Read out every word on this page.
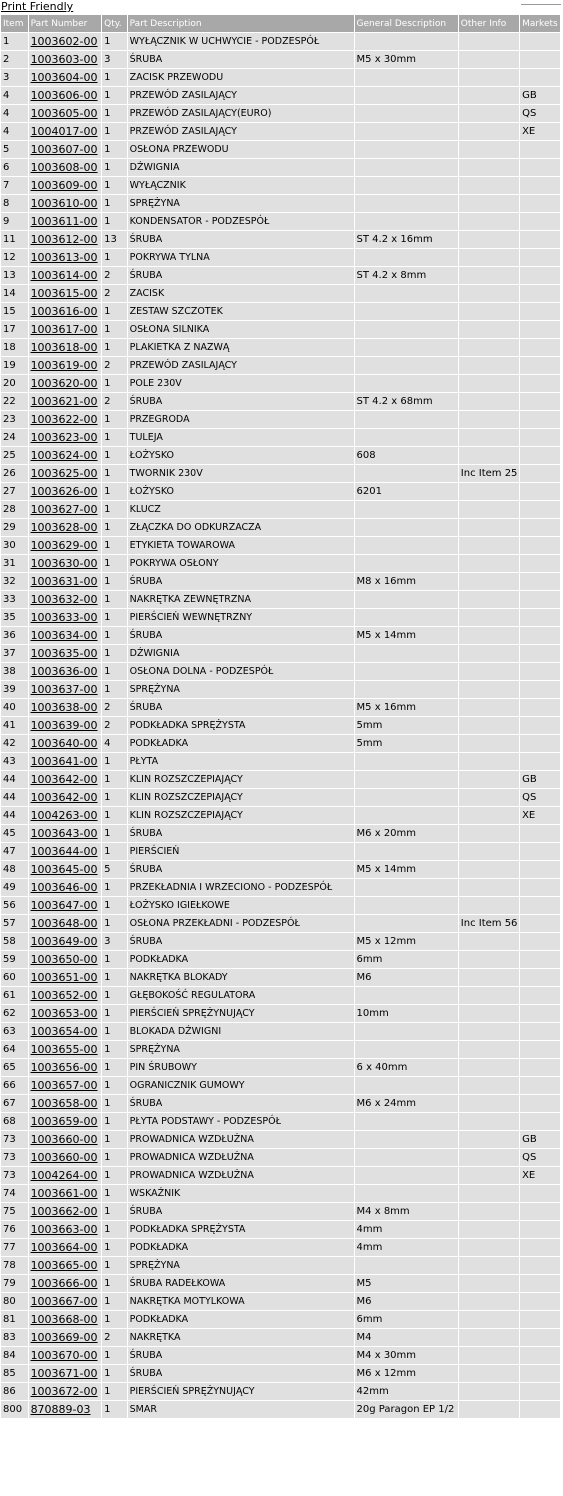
Print Friendly
Item	Part Number	Qty.	Part Description	General Description	Other Info	Markets
1	1003602-00	1	WYŁĄCZNIK W UCHWYCIE - PODZESPÓŁ			
2	1003603-00	3	ŚRUBA	M5 x 30mm		
3	1003604-00	1	ZACISK PRZEWODU			
4	1003606-00	1	PRZEWÓD ZASILAJĄCY			GB
4	1003605-00	1	PRZEWÓD ZASILAJĄCY(EURO)			QS
4	1004017-00	1	PRZEWÓD ZASILAJĄCY			XE
5	1003607-00	1	OSŁONA PRZEWODU			
6	1003608-00	1	DŹWIGNIA			
7	1003609-00	1	WYŁĄCZNIK			
8	1003610-00	1	SPRĘŻYNA			
9	1003611-00	1	KONDENSATOR - PODZESPÓŁ			
11	1003612-00	13	ŚRUBA	ST 4.2 x 16mm		
12	1003613-00	1	POKRYWA TYLNA			
13	1003614-00	2	ŚRUBA	ST 4.2 x 8mm		
14	1003615-00	2	ZACISK			
15	1003616-00	1	ZESTAW SZCZOTEK			
17	1003617-00	1	OSŁONA SILNIKA			
18	1003618-00	1	PLAKIETKA Z NAZWĄ			
19	1003619-00	2	PRZEWÓD ZASILAJĄCY			
20	1003620-00	1	POLE 230V			
22	1003621-00	2	ŚRUBA	ST 4.2 x 68mm		
23	1003622-00	1	PRZEGRODA			
24	1003623-00	1	TULEJA			
25	1003624-00	1	ŁOŻYSKO	608		
26	1003625-00	1	TWORNIK 230V		Inc Item 25	
27	1003626-00	1	ŁOŻYSKO	6201		
28	1003627-00	1	KLUCZ			
29	1003628-00	1	ZŁĄCZKA DO ODKURZACZA			
30	1003629-00	1	ETYKIETA TOWAROWA			
31	1003630-00	1	POKRYWA OSŁONY			
32	1003631-00	1	ŚRUBA	M8 x 16mm		
33	1003632-00	1	NAKRĘTKA ZEWNĘTRZNA			
35	1003633-00	1	PIERŚCIEŃ WEWNĘTRZNY			
36	1003634-00	1	ŚRUBA	M5 x 14mm		
37	1003635-00	1	DŹWIGNIA			
38	1003636-00	1	OSŁONA DOLNA - PODZESPÓŁ			
39	1003637-00	1	SPRĘŻYNA			
40	1003638-00	2	ŚRUBA	M5 x 16mm		
41	1003639-00	2	PODKŁADKA SPRĘŻYSTA	5mm		
42	1003640-00	4	PODKŁADKA	5mm		
43	1003641-00	1	PŁYTA			
44	1003642-00	1	KLIN ROZSZCZEPIAJĄCY			GB
44	1003642-00	1	KLIN ROZSZCZEPIAJĄCY			QS
44	1004263-00	1	KLIN ROZSZCZEPIAJĄCY			XE
45	1003643-00	1	ŚRUBA	M6 x 20mm		
47	1003644-00	1	PIERŚCIEŃ			
48	1003645-00	5	ŚRUBA	M5 x 14mm		
49	1003646-00	1	PRZEKŁADNIA I WRZECIONO - PODZESPÓŁ			
56	1003647-00	1	ŁOŻYSKO IGIEŁKOWE			
57	1003648-00	1	OSŁONA PRZEKŁADNI - PODZESPÓŁ		Inc Item 56	
58	1003649-00	3	ŚRUBA	M5 x 12mm		
59	1003650-00	1	PODKŁADKA	6mm		
60	1003651-00	1	NAKRĘTKA BLOKADY	M6		
61	1003652-00	1	GŁĘBOKOŚĆ REGULATORA			
62	1003653-00	1	PIERŚCIEŃ SPRĘŻYNUJĄCY	10mm		
63	1003654-00	1	BLOKADA DŹWIGNI			
64	1003655-00	1	SPRĘŻYNA			
65	1003656-00	1	PIN ŚRUBOWY	6 x 40mm		
66	1003657-00	1	OGRANICZNIK GUMOWY			
67	1003658-00	1	ŚRUBA	M6 x 24mm		
68	1003659-00	1	PŁYTA PODSTAWY - PODZESPÓŁ			
73	1003660-00	1	PROWADNICA WZDŁUŻNA			GB
73	1003660-00	1	PROWADNICA WZDŁUŻNA			QS
73	1004264-00	1	PROWADNICA WZDŁUŻNA			XE
74	1003661-00	1	WSKAŹNIK			
75	1003662-00	1	ŚRUBA	M4 x 8mm		
76	1003663-00	1	PODKŁADKA SPRĘŻYSTA	4mm		
77	1003664-00	1	PODKŁADKA	4mm		
78	1003665-00	1	SPRĘŻYNA			
79	1003666-00	1	ŚRUBA RADEŁKOWA	M5		
80	1003667-00	1	NAKRĘTKA MOTYLKOWA	M6		
81	1003668-00	1	PODKŁADKA	6mm		
83	1003669-00	2	NAKRĘTKA	M4		
84	1003670-00	1	ŚRUBA	M4 x 30mm		
85	1003671-00	1	ŚRUBA	M6 x 12mm		
86	1003672-00	1	PIERŚCIEŃ SPRĘŻYNUJĄCY	42mm		
800	870889-03	1	SMAR	20g Paragon EP 1/2		
